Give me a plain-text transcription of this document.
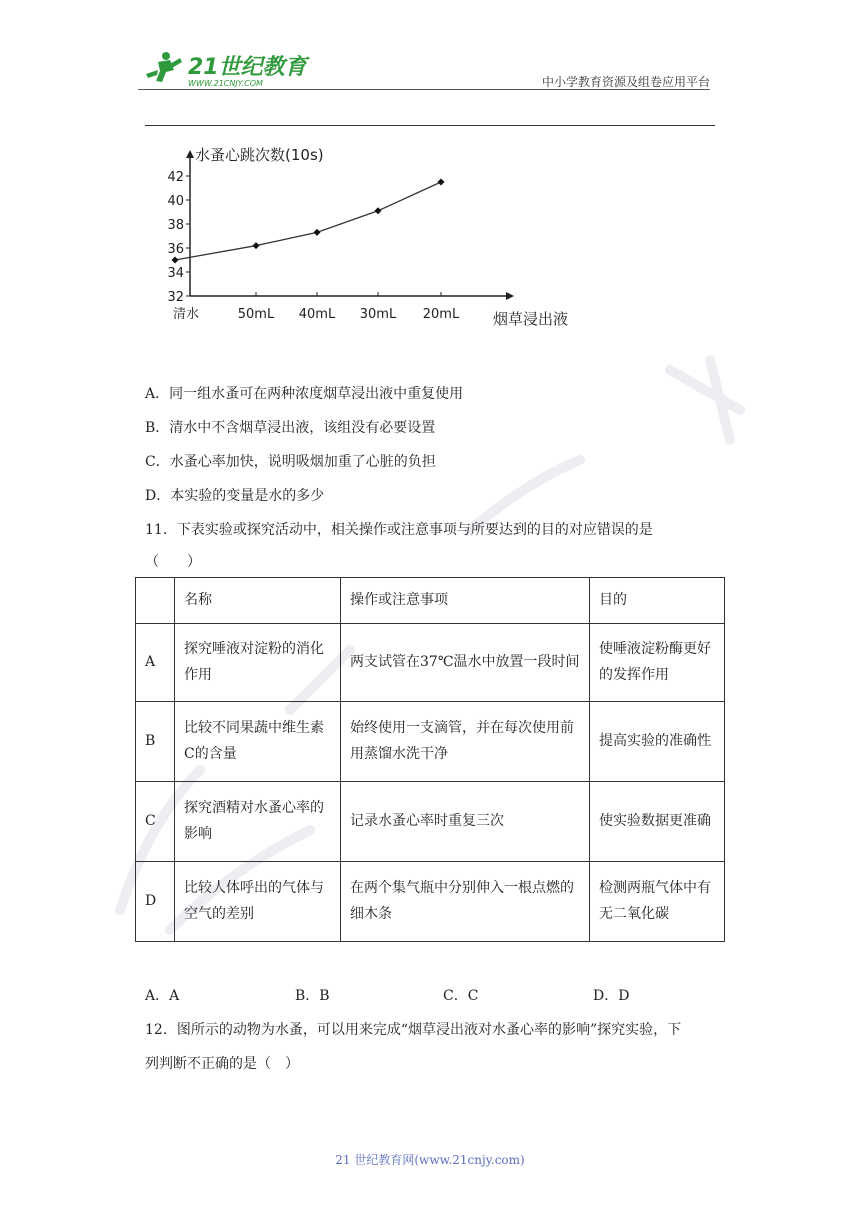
21世纪教育
WWW.21CNJY.COM	中小学教育资源及组卷应用平台
水蚤心跳次数(10s)
烟草浸出液
32
34
36
38
40
42
清水	50mL 40mL 30mL 20mL
A．同一组水蚤可在两种浓度烟草浸出液中重复使用
B．清水中不含烟草浸出液，该组没有必要设置
C．水蚤心率加快，说明吸烟加重了心脏的负担
D．本实验的变量是水的多少
11．下表实验或探究活动中，相关操作或注意事项与所要达到的目的对应错误的是
（　　）
	名称	操作或注意事项	目的
A	探究唾液对淀粉的消化作用	两支试管在37℃温水中放置一段时间	使唾液淀粉酶更好的发挥作用
B	比较不同果蔬中维生素C的含量	始终使用一支滴管，并在每次使用前用蒸馏水洗干净	提高实验的准确性
C	探究酒精对水蚤心率的影响	记录水蚤心率时重复三次	使实验数据更准确
D	比较人体呼出的气体与空气的差别	在两个集气瓶中分别伸入一根点燃的细木条	检测两瓶气体中有无二氧化碳
A．A	B．B	C．C	D．D
12．图所示的动物为水蚤，可以用来完成“烟草浸出液对水蚤心率的影响”探究实验，下
列判断不正确的是（　）
21 世纪教育网(www.21cnjy.com)
